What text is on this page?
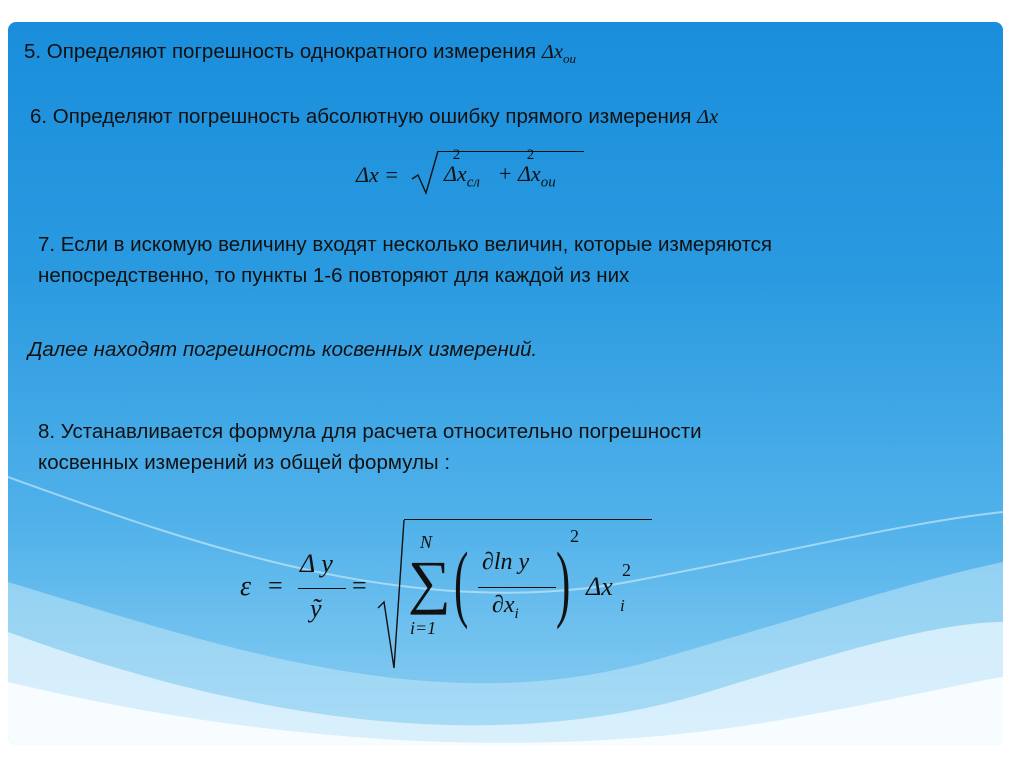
5. Определяют погрешность однократного измерения $\Delta x_{ои}$
6. Определяют погрешность абсолютную ошибку прямого измерения Δx
$\Delta x = \Delta x_{сл}$
2
+ $\Delta x_{ои}$
2
7. Если в искомую величину входят несколько величин, которые измеряются
непосредственно, то пункты 1-6 повторяют для каждой из них
Далее находят погрешность косвенных измерений.
8. Устанавливается формула для расчета относительно погрешности
косвенных измерений из общей формулы :
ε =
Δ y
ỹ
=
N
∑
i=1 ( ∂ln y
$\partial x_i$ ) 2
Δx
i
2
